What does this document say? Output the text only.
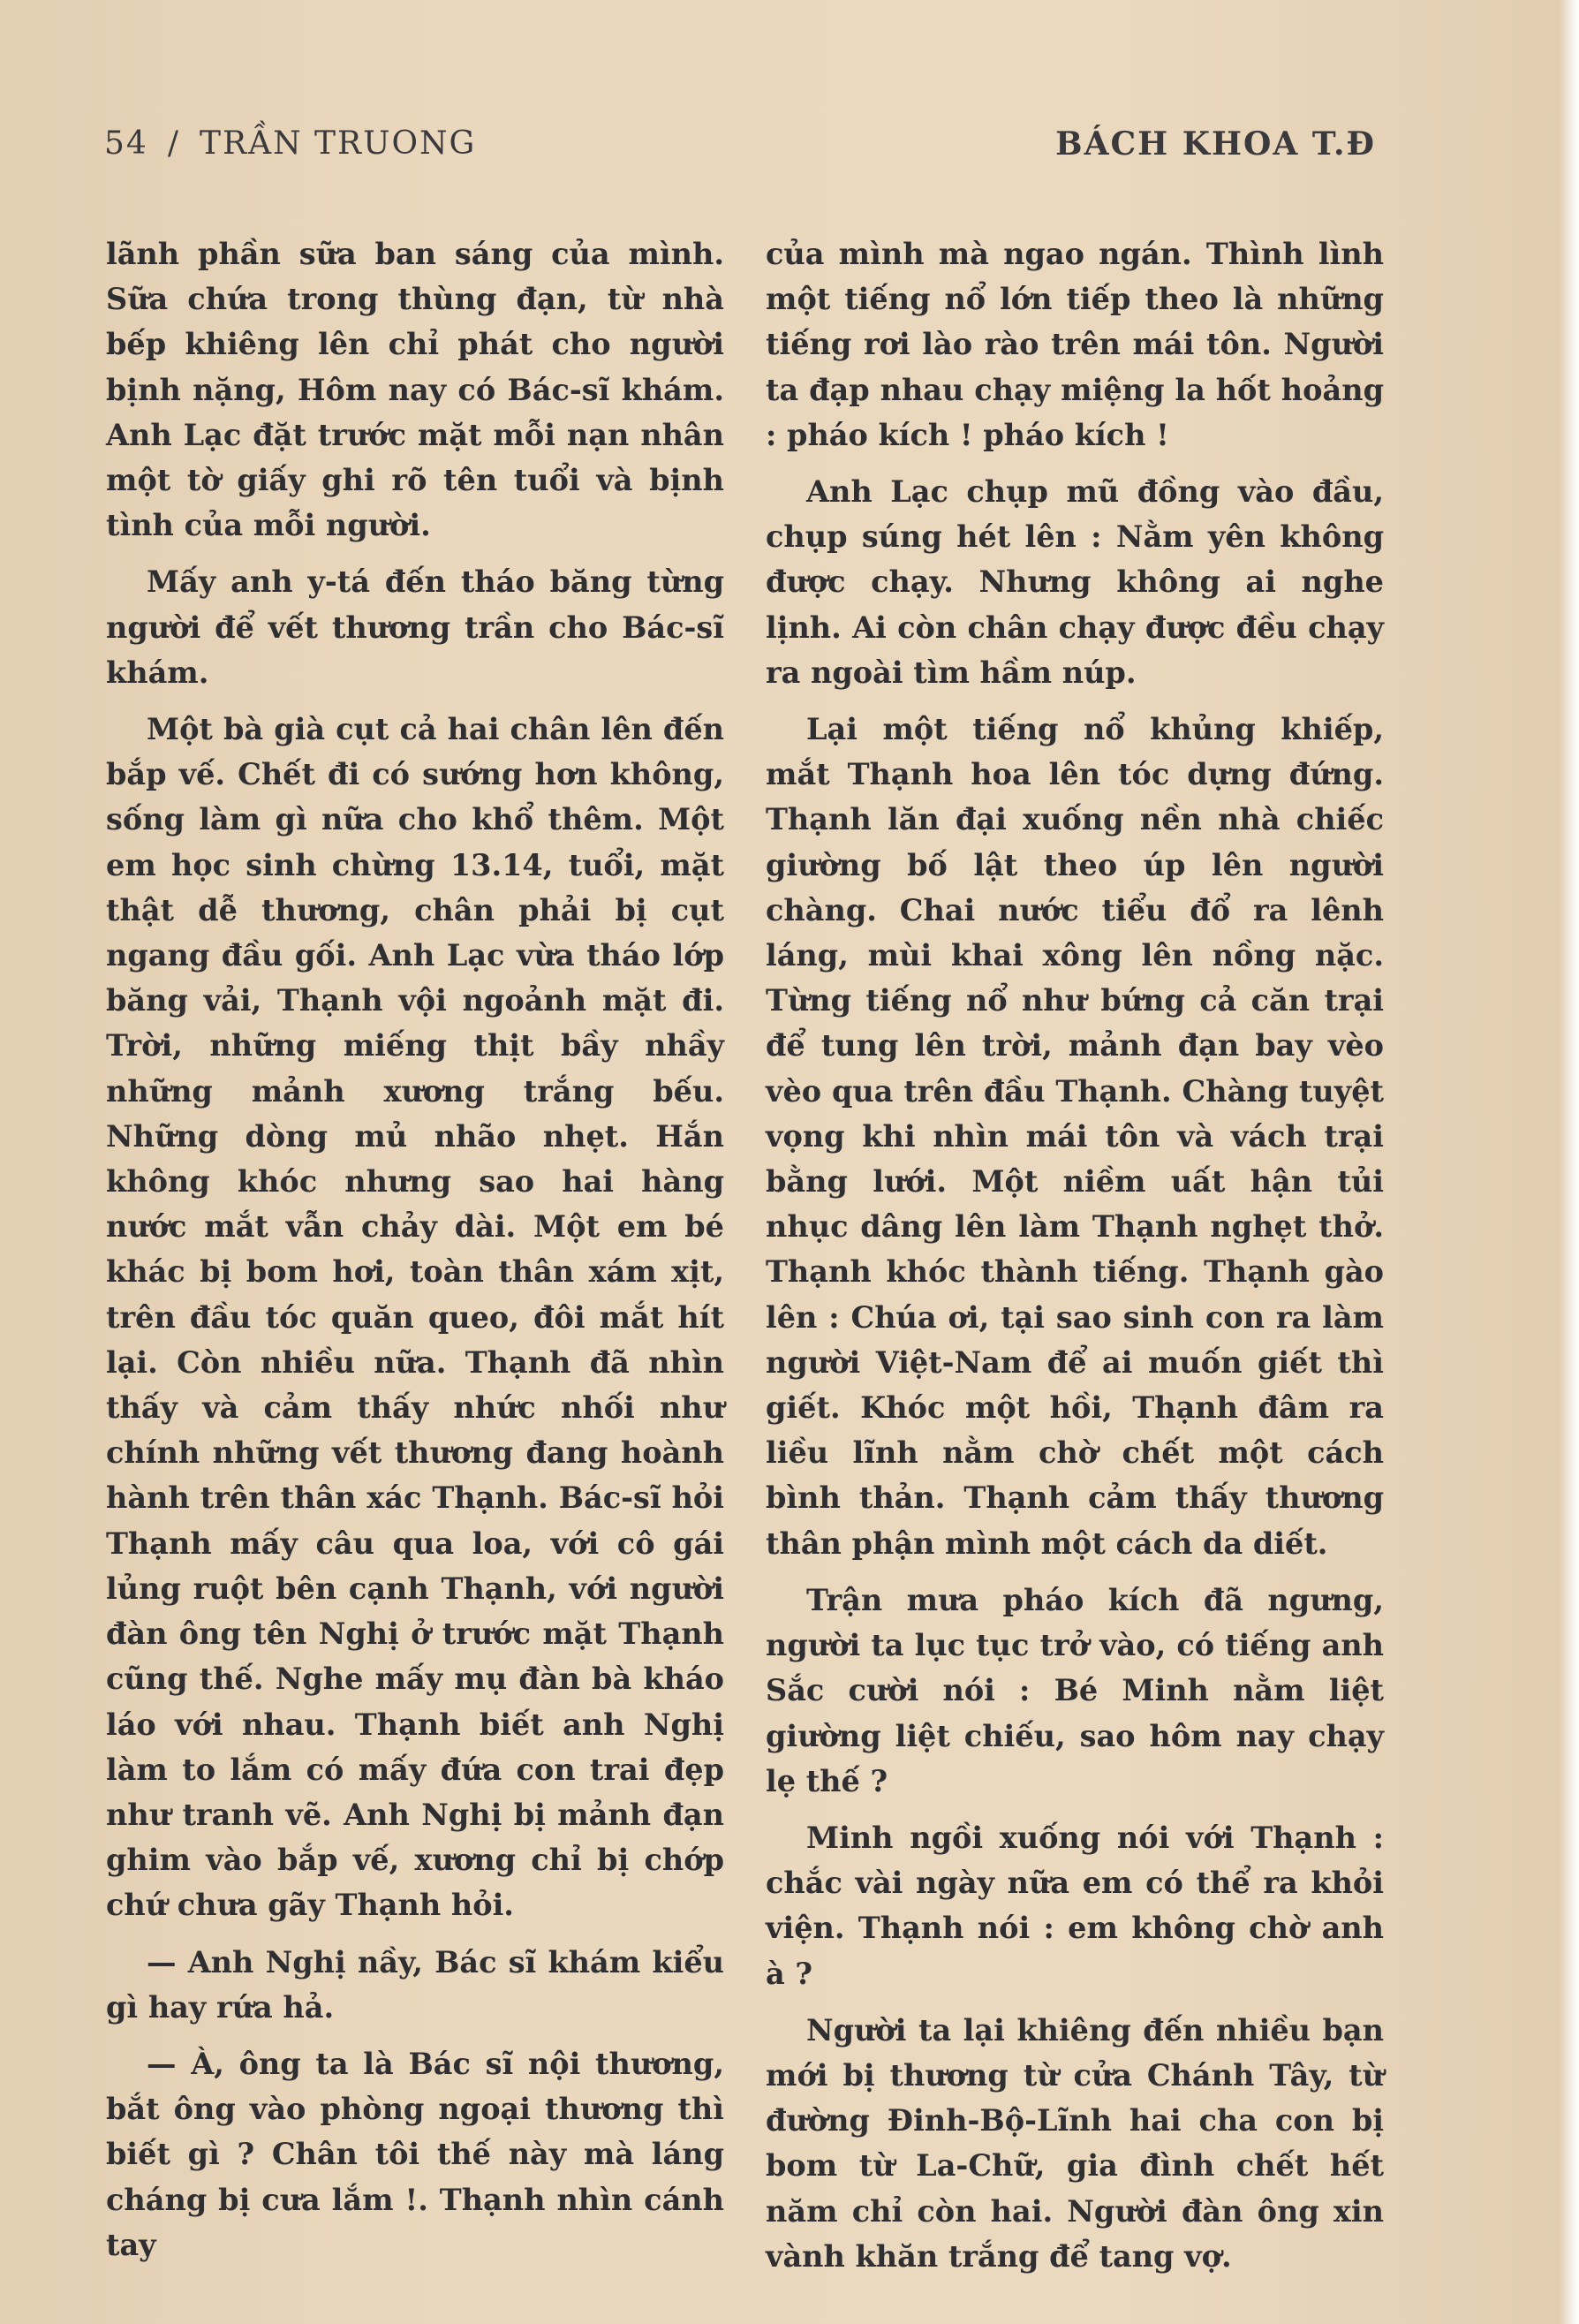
54 / TRẦN TRUONG	BÁCH KHOA T.Đ

lãnh phần sữa ban sáng của mình. Sữa chứa trong thùng đạn, từ nhà bếp khiêng lên chỉ phát cho người bịnh nặng, Hôm nay có Bác-sĩ khám. Anh Lạc đặt trước mặt mỗi nạn nhân một tờ giấy ghi rõ tên tuổi và bịnh tình của mỗi người.

Mấy anh y-tá đến tháo băng từng người để vết thương trần cho Bác-sĩ khám.

Một bà già cụt cả hai chân lên đến bắp vế. Chết đi có sướng hơn không, sống làm gì nữa cho khổ thêm. Một em học sinh chừng 13.14, tuổi, mặt thật dễ thương, chân phải bị cụt ngang đầu gối. Anh Lạc vừa tháo lớp băng vải, Thạnh vội ngoảnh mặt đi. Trời, những miếng thịt bầy nhầy những mảnh xương trắng bếu. Những dòng mủ nhão nhẹt. Hắn không khóc nhưng sao hai hàng nước mắt vẫn chảy dài. Một em bé khác bị bom hơi, toàn thân xám xịt, trên đầu tóc quăn queo, đôi mắt hít lại. Còn nhiều nữa. Thạnh đã nhìn thấy và cảm thấy nhức nhối như chính những vết thương đang hoành hành trên thân xác Thạnh. Bác-sĩ hỏi Thạnh mấy câu qua loa, với cô gái lủng ruột bên cạnh Thạnh, với người đàn ông tên Nghị ở trước mặt Thạnh cũng thế. Nghe mấy mụ đàn bà kháo láo với nhau. Thạnh biết anh Nghị làm to lắm có mấy đứa con trai đẹp như tranh vẽ. Anh Nghị bị mảnh đạn ghim vào bắp vế, xương chỉ bị chớp chứ chưa gãy Thạnh hỏi.

— Anh Nghị nầy, Bác sĩ khám kiểu gì hay rứa hả.

— À, ông ta là Bác sĩ nội thương, bắt ông vào phòng ngoại thương thì biết gì ? Chân tôi thế này mà láng cháng bị cưa lắm !. Thạnh nhìn cánh tay

của mình mà ngao ngán. Thình lình một tiếng nổ lớn tiếp theo là những tiếng rơi lào rào trên mái tôn. Người ta đạp nhau chạy miệng la hốt hoảng : pháo kích ! pháo kích !

Anh Lạc chụp mũ đồng vào đầu, chụp súng hét lên : Nằm yên không được chạy. Nhưng không ai nghe lịnh. Ai còn chân chạy được đều chạy ra ngoài tìm hầm núp.

Lại một tiếng nổ khủng khiếp, mắt Thạnh hoa lên tóc dựng đứng. Thạnh lăn đại xuống nền nhà chiếc giường bố lật theo úp lên người chàng. Chai nước tiểu đổ ra lênh láng, mùi khai xông lên nồng nặc. Từng tiếng nổ như bứng cả căn trại để tung lên trời, mảnh đạn bay vèo vèo qua trên đầu Thạnh. Chàng tuyệt vọng khi nhìn mái tôn và vách trại bằng lưới. Một niềm uất hận tủi nhục dâng lên làm Thạnh nghẹt thở. Thạnh khóc thành tiếng. Thạnh gào lên : Chúa ơi, tại sao sinh con ra làm người Việt-Nam để ai muốn giết thì giết. Khóc một hồi, Thạnh đâm ra liều lĩnh nằm chờ chết một cách bình thản. Thạnh cảm thấy thương thân phận mình một cách da diết.

Trận mưa pháo kích đã ngưng, người ta lục tục trở vào, có tiếng anh Sắc cười nói : Bé Minh nằm liệt giường liệt chiếu, sao hôm nay chạy lẹ thế ?

Minh ngồi xuống nói với Thạnh : chắc vài ngày nữa em có thể ra khỏi viện. Thạnh nói : em không chờ anh à ?

Người ta lại khiêng đến nhiều bạn mới bị thương từ cửa Chánh Tây, từ đường Đinh-Bộ-Lĩnh hai cha con bị bom từ La-Chữ, gia đình chết hết năm chỉ còn hai. Người đàn ông xin vành khăn trắng để tang vợ.
